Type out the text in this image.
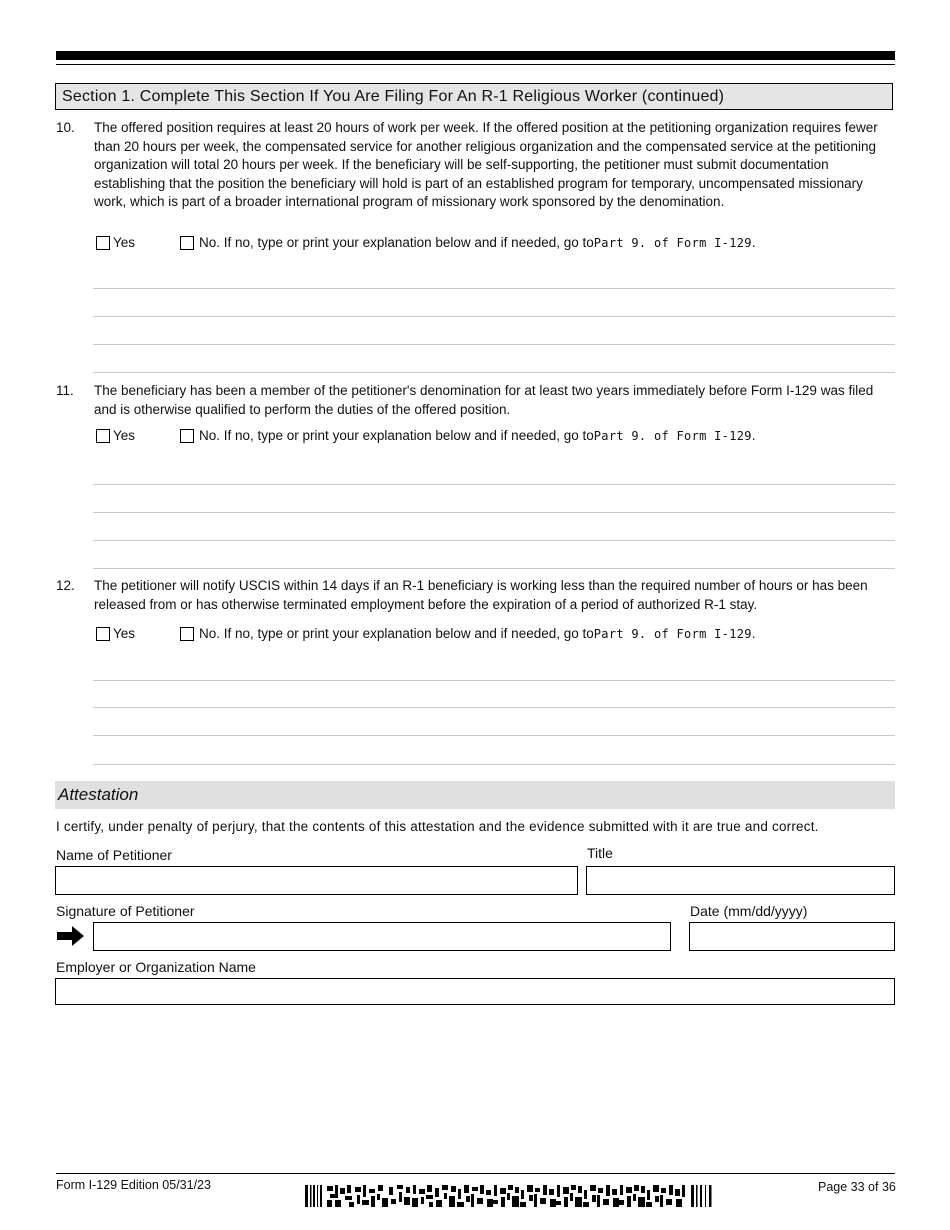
Section 1. Complete This Section If You Are Filing For An R-1 Religious Worker (continued)
10. The offered position requires at least 20 hours of work per week. If the offered position at the petitioning organization requires fewer than 20 hours per week, the compensated service for another religious organization and the compensated service at the petitioning organization will total 20 hours per week. If the beneficiary will be self-supporting, the petitioner must submit documentation establishing that the position the beneficiary will hold is part of an established program for temporary, uncompensated missionary work, which is part of a broader international program of missionary work sponsored by the denomination.
Yes	No. If no, type or print your explanation below and if needed, go to Part 9. of Form I-129 .
11. The beneficiary has been a member of the petitioner's denomination for at least two years immediately before Form I-129 was filed and is otherwise qualified to perform the duties of the offered position.
Yes	No. If no, type or print your explanation below and if needed, go to Part 9. of Form I-129 .
12. The petitioner will notify USCIS within 14 days if an R-1 beneficiary is working less than the required number of hours or has been released from or has otherwise terminated employment before the expiration of a period of authorized R-1 stay.
Yes	No. If no, type or print your explanation below and if needed, go to Part 9. of Form I-129 .
Attestation
I certify, under penalty of perjury, that the contents of this attestation and the evidence submitted with it are true and correct.
Name of Petitioner	Title
Signature of Petitioner	Date (mm/dd/yyyy)
Employer or Organization Name
Form I-129 Edition 05/31/23	Page 33 of 36
